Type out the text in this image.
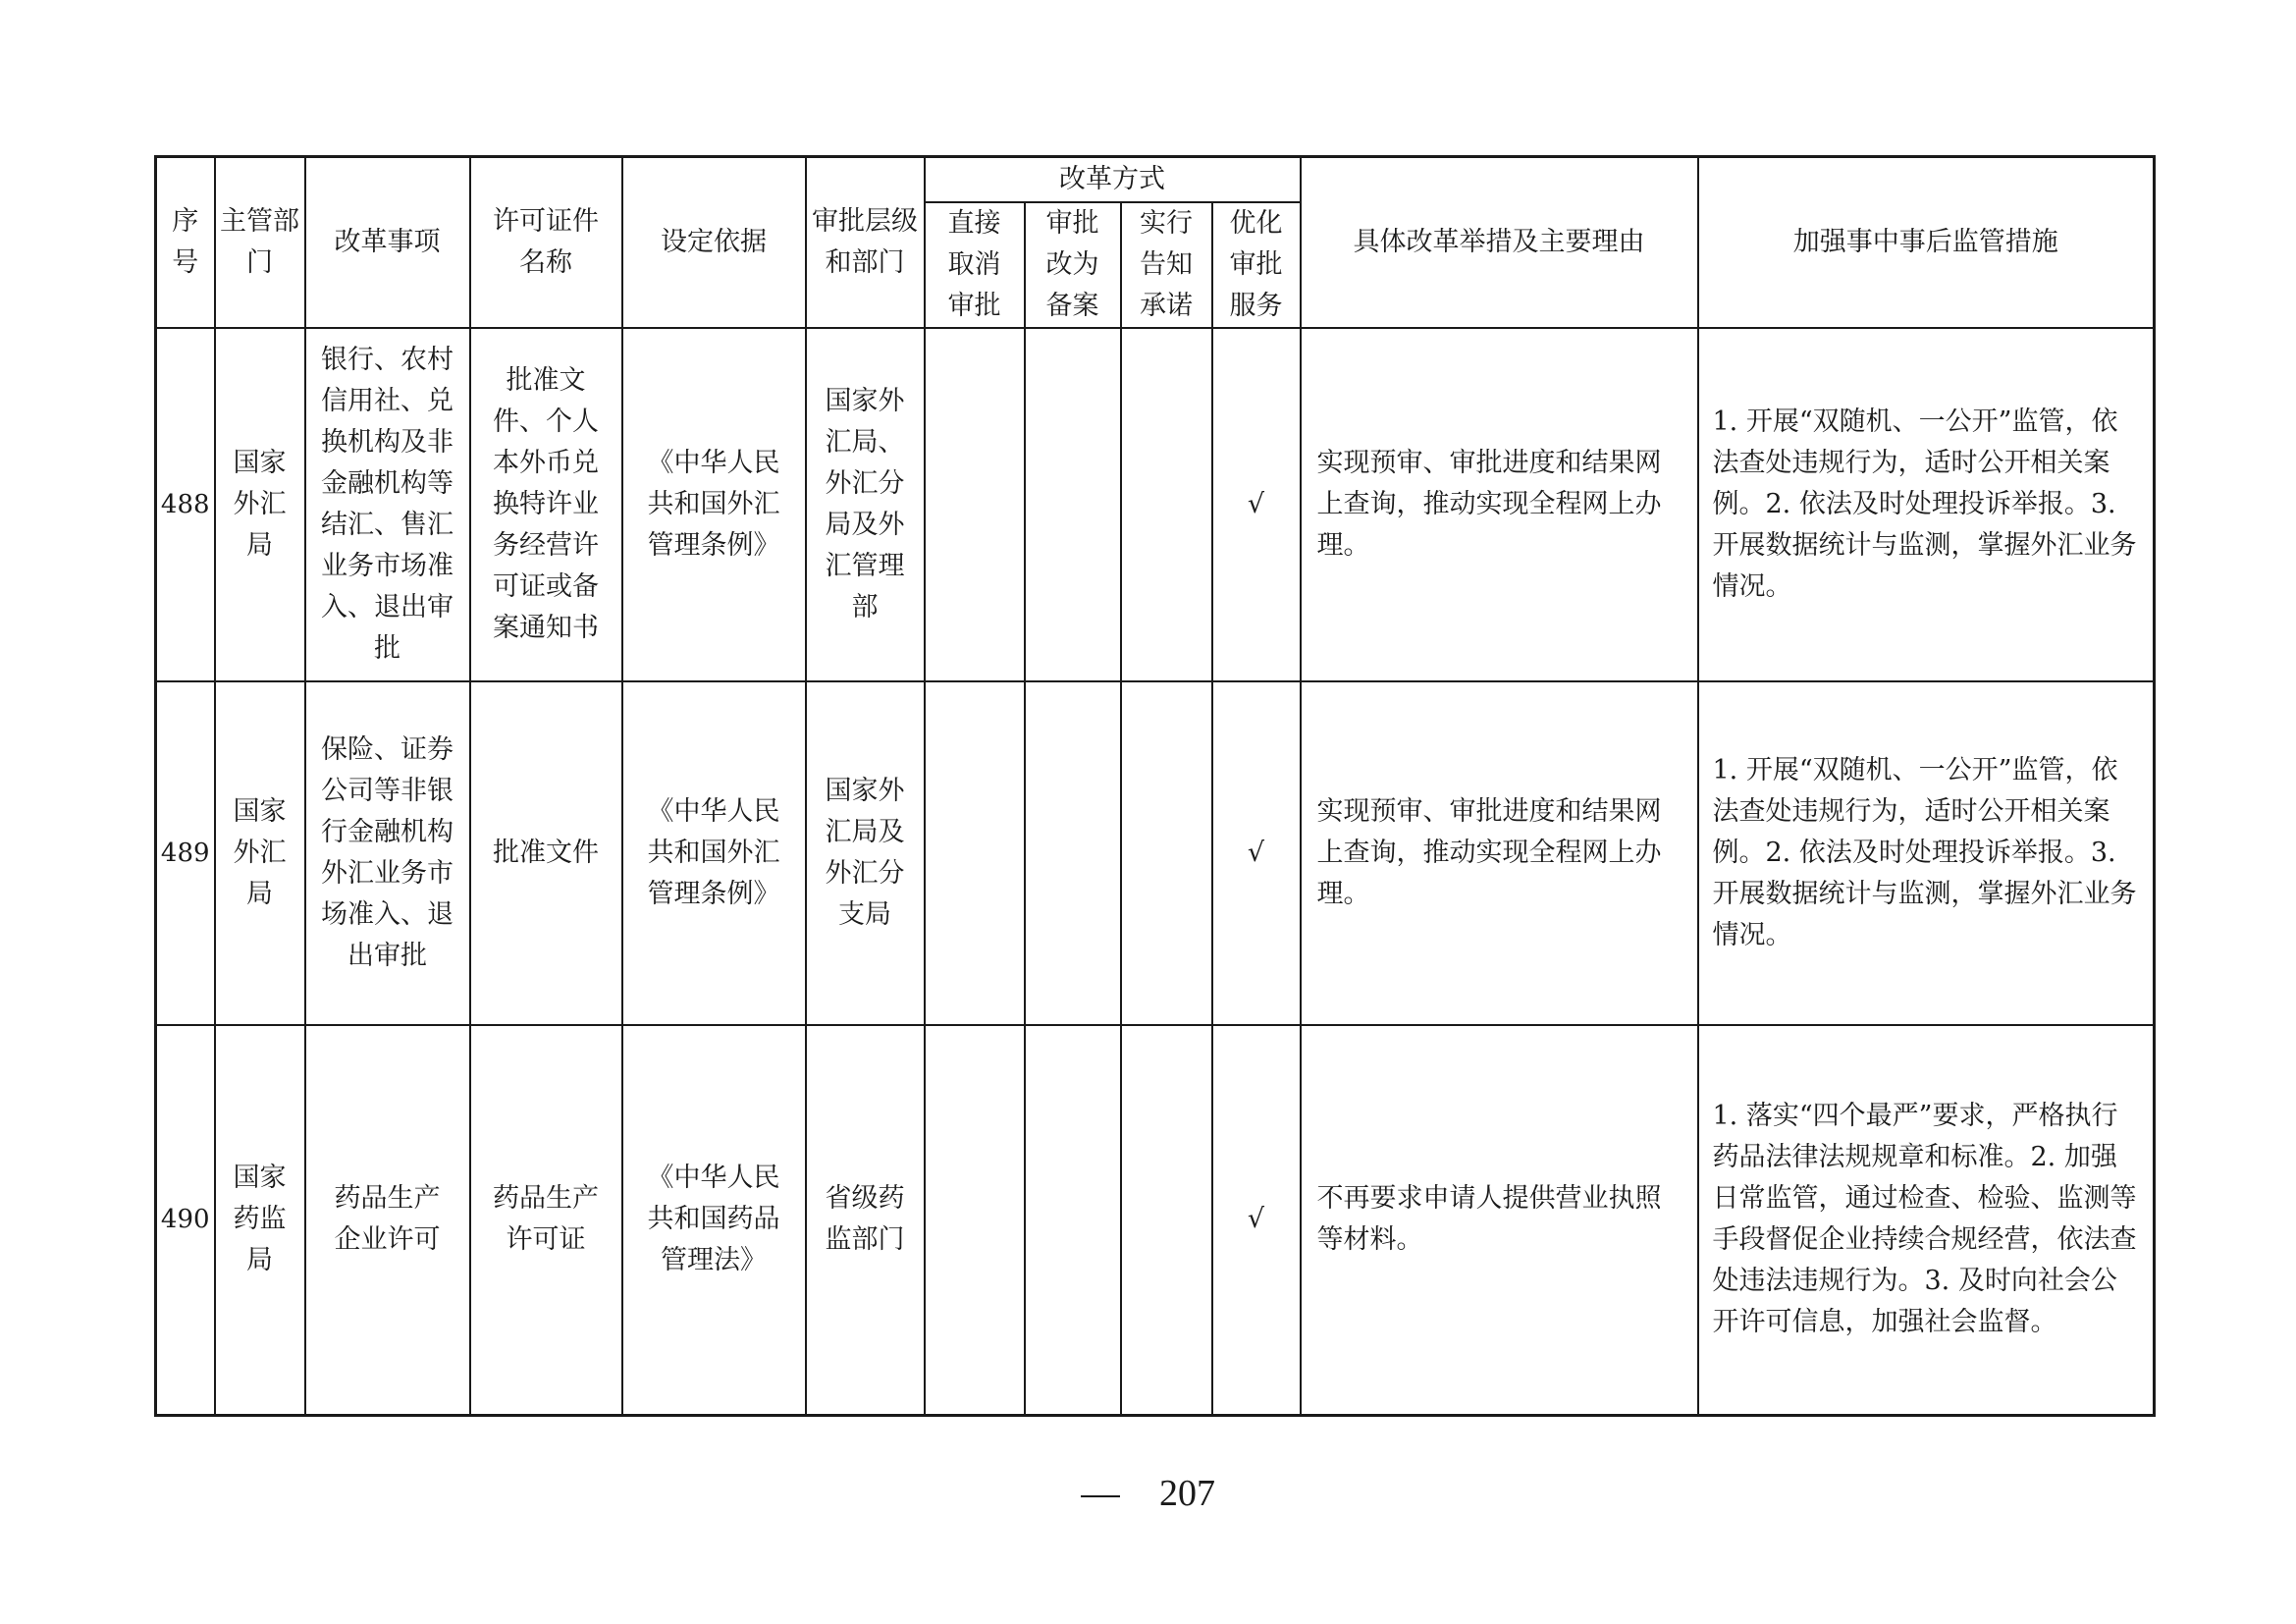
序号	主管部门	改革事项	许可证件名称	设定依据	审批层级和部门	改革方式				具体改革举措及主要理由	加强事中事后监管措施
						直接取消审批	审批改为备案	实行告知承诺	优化审批服务		
488	国家外汇局	银行、农村信用社、兑换机构及非金融机构等结汇、售汇业务市场准入、退出审批	批准文件、个人本外币兑换特许业务经营许可证或备案通知书	《中华人民共和国外汇管理条例》	国家外汇局、外汇分局及外汇管理部				√	实现预审、审批进度和结果网上查询，推动实现全程网上办理。	1. 开展“双随机、一公开”监管，依法查处违规行为，适时公开相关案例。2. 依法及时处理投诉举报。3. 开展数据统计与监测，掌握外汇业务情况。
489	国家外汇局	保险、证券公司等非银行金融机构外汇业务市场准入、退出审批	批准文件	《中华人民共和国外汇管理条例》	国家外汇局及外汇分支局				√	实现预审、审批进度和结果网上查询，推动实现全程网上办理。	1. 开展“双随机、一公开”监管，依法查处违规行为，适时公开相关案例。2. 依法及时处理投诉举报。3. 开展数据统计与监测，掌握外汇业务情况。
490	国家药监局	药品生产企业许可	药品生产许可证	《中华人民共和国药品管理法》	省级药监部门				√	不再要求申请人提供营业执照等材料。	1. 落实“四个最严”要求，严格执行药品法律法规规章和标准。2. 加强日常监管，通过检查、检验、监测等手段督促企业持续合规经营，依法查处违法违规行为。3. 及时向社会公开许可信息，加强社会监督。
207
